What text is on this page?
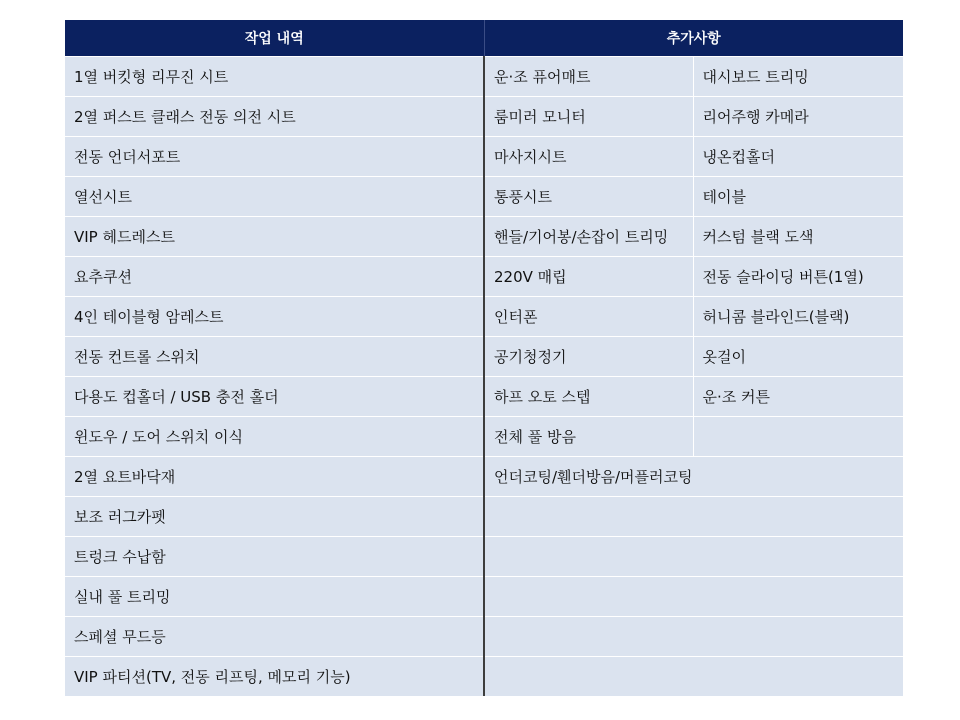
작업 내역	추가사항	
1열 버킷형 리무진 시트	운·조 퓨어매트	대시보드 트리밍
2열 퍼스트 클래스 전동 의전 시트	룸미러 모니터	리어주행 카메라
전동 언더서포트	마사지시트	냉온컵홀더
열선시트	통풍시트	테이블
VIP 헤드레스트	핸들/기어봉/손잡이 트리밍	커스텀 블랙 도색
요추쿠션	220V 매립	전동 슬라이딩 버튼(1열)
4인 테이블형 암레스트	인터폰	허니콤 블라인드(블랙)
전동 컨트롤 스위치	공기청정기	옷걸이
다용도 컵홀더 / USB 충전 홀더	하프 오토 스텝	운·조 커튼
윈도우 / 도어 스위치 이식	전체 풀 방음	
2열 요트바닥재	언더코팅/휀더방음/머플러코팅	
보조 러그카펫		
트렁크 수납함		
실내 풀 트리밍		
스페셜 무드등		
VIP 파티션(TV, 전동 리프팅, 메모리 기능)		
